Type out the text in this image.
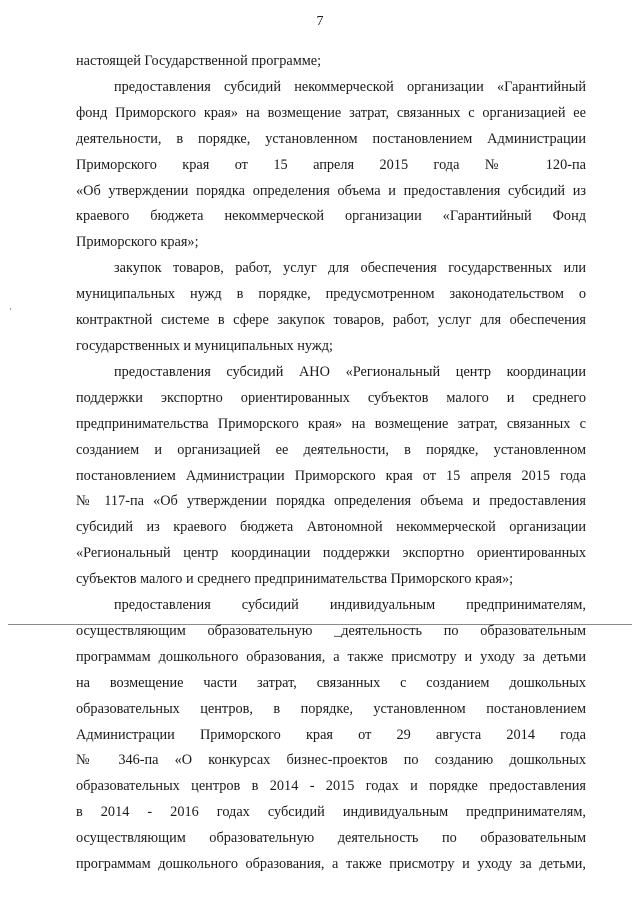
7

настоящей Государственной программе;

предоставления субсидий некоммерческой организации «Гарантийный
фонд Приморского края» на возмещение затрат, связанных с организацией ее
деятельности, в порядке, установленном постановлением Администрации
Приморского края от 15 апреля 2015 года № 120-па
«Об утверждении порядка определения объема и предоставления субсидий из
краевого бюджета некоммерческой организации «Гарантийный Фонд
Приморского края»;

закупок товаров, работ, услуг для обеспечения государственных или
муниципальных нужд в порядке, предусмотренном законодательством о
контрактной системе в сфере закупок товаров, работ, услуг для обеспечения
государственных и муниципальных нужд;

предоставления субсидий АНО «Региональный центр координации
поддержки экспортно ориентированных субъектов малого и среднего
предпринимательства Приморского края» на возмещение затрат, связанных с
созданием и организацией ее деятельности, в порядке, установленном
постановлением Администрации Приморского края от 15 апреля 2015 года
№ 117-па «Об утверждении порядка определения объема и предоставления
субсидий из краевого бюджета Автономной некоммерческой организации
«Региональный центр координации поддержки экспортно ориентированных
субъектов малого и среднего предпринимательства Приморского края»;

предоставления субсидий индивидуальным предпринимателям,
осуществляющим образовательную _деятельность по образовательным
программам дошкольного образования, а также присмотру и уходу за детьми
на возмещение части затрат, связанных с созданием дошкольных
образовательных центров, в порядке, установленном постановлением
Администрации Приморского края от 29 августа 2014 года
№ 346-па «О конкурсах бизнес-проектов по созданию дошкольных
образовательных центров в 2014 - 2015 годах и порядке предоставления
в 2014 - 2016 годах субсидий индивидуальным предпринимателям,
осуществляющим образовательную деятельность по образовательным
программам дошкольного образования, а также присмотру и уходу за детьми,
